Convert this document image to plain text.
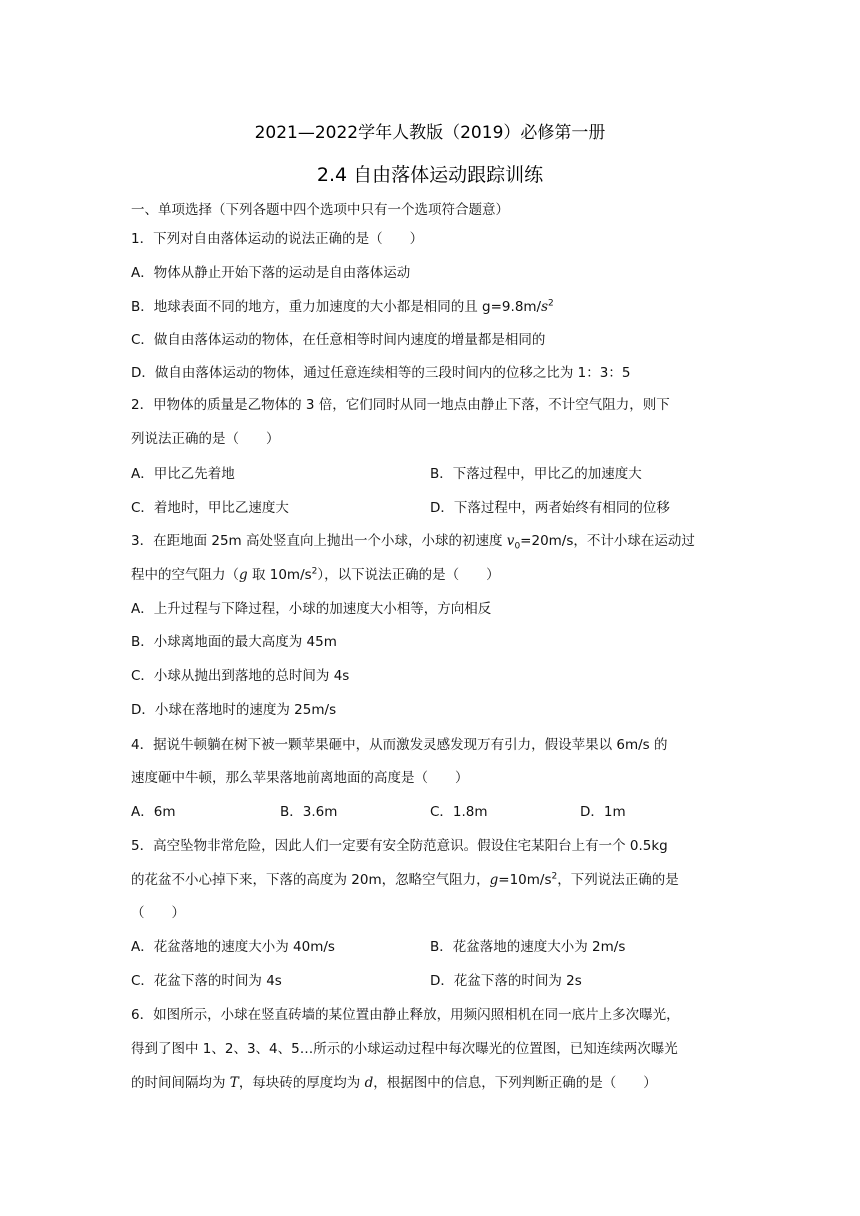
2021—2022学年人教版（2019）必修第一册
2.4 自由落体运动跟踪训练
一、单项选择（下列各题中四个选项中只有一个选项符合题意）
1．下列对自由落体运动的说法正确的是（　　）
A．物体从静止开始下落的运动是自由落体运动
B．地球表面不同的地方，重力加速度的大小都是相同的且 $g=9.8m/s^2$
C．做自由落体运动的物体，在任意相等时间内速度的增量都是相同的
D．做自由落体运动的物体，通过任意连续相等的三段时间内的位移之比为 1：3：5
2．甲物体的质量是乙物体的 3 倍，它们同时从同一地点由静止下落，不计空气阻力，则下
列说法正确的是（　　）
A．甲比乙先着地	B．下落过程中，甲比乙的加速度大
C．着地时，甲比乙速度大	D．下落过程中，两者始终有相同的位移
3．在距地面 25m 高处竖直向上抛出一个小球，小球的初速度 $v_0=20m/s$，不计小球在运动过
程中的空气阻力（g 取 $10m/s^2$），以下说法正确的是（　　）
A．上升过程与下降过程，小球的加速度大小相等，方向相反
B．小球离地面的最大高度为 45m
C．小球从抛出到落地的总时间为 4s
D．小球在落地时的速度为 25m/s
4．据说牛顿躺在树下被一颗苹果砸中，从而激发灵感发现万有引力，假设苹果以 6m/s 的
速度砸中牛顿，那么苹果落地前离地面的高度是（　　）
A．6m	B．3.6m	C．1.8m	D．1m
5．高空坠物非常危险，因此人们一定要有安全防范意识。假设住宅某阳台上有一个 0.5kg
的花盆不小心掉下来，下落的高度为 20m，忽略空气阻力，$g=10m/s^2$，下列说法正确的是
（　　）
A．花盆落地的速度大小为 40m/s	B．花盆落地的速度大小为 2m/s
C．花盆下落的时间为 4s	D．花盆下落的时间为 2s
6．如图所示，小球在竖直砖墙的某位置由静止释放，用频闪照相机在同一底片上多次曝光，
得到了图中 1、2、3、4、5…所示的小球运动过程中每次曝光的位置图，已知连续两次曝光
的时间间隔均为 T，每块砖的厚度均为 d，根据图中的信息，下列判断正确的是（　　）
